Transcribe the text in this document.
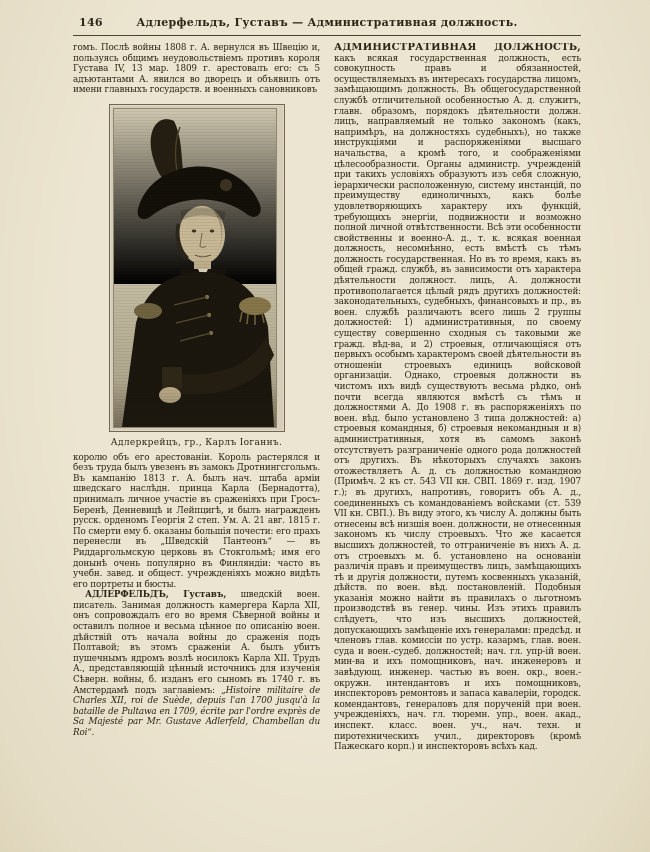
146	Адлерфельдъ, Густавъ — Административная должность.

гомъ. Послѣ войны 1808 г. А. вернулся въ Швецію и, пользуясь общимъ неудовольствіемъ противъ короля Густава IV, 13 мар. 1809 г. арестовалъ его: съ 5 адъютантами А. явился во дворецъ и объявилъ отъ имени главныхъ государств. и военныхъ сановниковъ

Адлеркрейцъ, гр., Карлъ Іоганнъ.

королю объ его арестованіи. Король растерялся и безъ труда былъ увезенъ въ замокъ Дротнингсгольмъ. Въ кампанію 1813 г. А. былъ нач. штаба арміи шведскаго наслѣдн. принца Карла (Бернадотта), принималъ личное участіе въ сраженіяхъ при Гросъ-Беренѣ, Денневицѣ и Лейпцигѣ, и былъ награжденъ русск. орденомъ Георгія 2 степ. Ум. А. 21 авг. 1815 г. По смерти ему б. оказаны большія почести: его прахъ перенесли въ „Шведскій Пантеонъ“ — въ Риддаргольмскую церковь въ Стокгольмѣ; имя его донынѣ очень популярно въ Финляндіи: часто въ учебн. завед. и общест. учрежденіяхъ можно видѣть его портреты и бюсты.

АДЛЕРФЕЛЬДЪ, Густавъ, шведскій воен. писатель. Занимая должность камергера Карла XII, онъ сопровождалъ его во время Сѣверной войны и оставилъ полное и весьма цѣнное по описанію воен. дѣйствій отъ начала войны до сраженія подъ Полтавой; въ этомъ сраженіи А. былъ убитъ пушечнымъ ядромъ возлѣ носилокъ Карла XII. Трудъ А., представляющій цѣнный источникъ для изученія Сѣверн. войны, б. изданъ его сыномъ въ 1740 г. въ Амстердамѣ подъ заглавіемъ: „Histoire militaire de Charles XII, roi de Suède, depuis l'an 1700 jusqu'à la bataille de Pultawa en 1709, écrite par l'ordre exprès de Sa Majesté par Mr. Gustave Adlerfeld, Chambellan du Roi“.

АДМИНИСТРАТИВНАЯ ДОЛЖНОСТЬ, какъ всякая государственная должность, есть совокупность правъ и обязанностей, осуществляемыхъ въ интересахъ государства лицомъ, замѣщающимъ должность. Въ общегосударственной службѣ отличительной особенностью А. д. служитъ, главн. образомъ, порядокъ дѣятельности должн. лицъ, направляемый не только закономъ (какъ, напримѣръ, на должностяхъ судебныхъ), но также инструкціями и распоряженіями высшаго начальства, а кромѣ того, и соображеніями цѣлесообразности. Органы администр. учрежденій при такихъ условіяхъ образуютъ изъ себя сложную, іерархически расположенную, систему инстанцій, по преимуществу единоличныхъ, какъ болѣе удовлетворяющихъ характеру ихъ функцій, требующихъ энергіи, подвижности и возможно полной личной отвѣтственности. Всѣ эти особенности свойственны и военно-А. д., т. к. всякая военная должность, несомнѣнно, есть вмѣстѣ съ тѣмъ должность государственная. Но въ то время, какъ въ общей гражд. службѣ, въ зависимости отъ характера дѣятельности должност. лицъ, А. должности противополагается цѣлый рядъ другихъ должностей: законодательныхъ, судебныхъ, финансовыхъ и пр., въ воен. службѣ различаютъ всего лишь 2 группы должностей: 1) административныя, по своему существу совершенно сходныя съ таковыми же гражд. вѣд-ва, и 2) строевыя, отличающіяся отъ первыхъ особымъ характеромъ своей дѣятельности въ отношеніи строевыхъ единицъ войсковой организаціи. Однако, строевыя должности въ чистомъ ихъ видѣ существуютъ весьма рѣдко, онѣ почти всегда являются вмѣстѣ съ тѣмъ и должностями А. До 1908 г. въ распоряженіяхъ по воен. вѣд. было установлено 3 типа должностей: а) строевыя командныя, б) строевыя некомандныя и в) административныя, хотя въ самомъ законѣ отсутствуетъ разграниченіе одного рода должностей отъ другихъ. Въ нѣкоторыхъ случаяхъ законъ отожествляетъ А. д. съ должностью командною (Примѣч. 2 къ ст. 543 VII кн. СВП. 1869 г. изд. 1907 г.); въ другихъ, напротивъ, говоритъ объ А. д., соединенныхъ съ командованіемъ войсками (ст. 539 VII кн. СВП.). Въ виду этого, къ числу А. должны быть отнесены всѣ низшія воен. должности, не отнесенныя закономъ къ числу строевыхъ. Что же касается высшихъ должностей, то отграниченіе въ нихъ А. д. отъ строевыхъ м. б. установлено на основаніи различія правъ и преимуществъ лицъ, замѣщающихъ тѣ и другія должности, путемъ косвенныхъ указаній, дѣйств. по воен. вѣд. постановленій. Подобныя указанія можно найти въ правилахъ о льготномъ производствѣ въ генер. чины. Изъ этихъ правилъ слѣдуетъ, что изъ высшихъ должностей, допускающихъ замѣщеніе ихъ генералами: предсѣд. и членовъ глав. комиссіи по устр. казармъ, глав. воен. суда и воен.-судеб. должностей; нач. гл. упр-ій воен. мин-ва и ихъ помощниковъ, нач. инженеровъ и завѣдующ. инженер. частью въ воен. окр., воен.-окружн. интендантовъ и ихъ помощниковъ, инспекторовъ ремонтовъ и запаса кавалеріи, городск. комендантовъ, генераловъ для порученій при воен. учрежденіяхъ, нач. гл. тюремн. упр., воен. акад., инспект. класс. воен. уч., нач. техн. и пиротехническихъ учил., директоровъ (кромѣ Пажескаго корп.) и инспекторовъ всѣхъ кад.
